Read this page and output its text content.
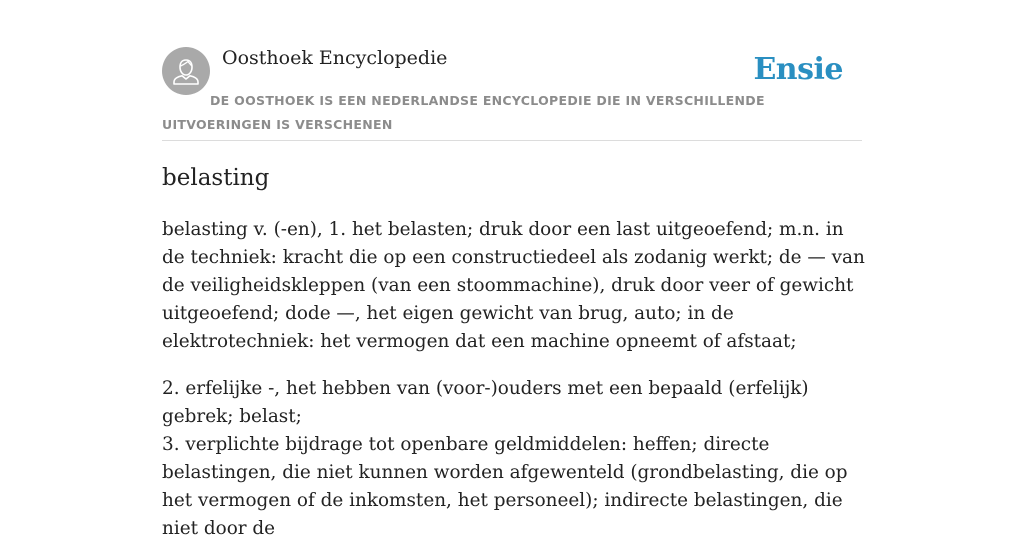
Oosthoek Encyclopedie	Ensie
DE OOSTHOEK IS EEN NEDERLANDSE ENCYCLOPEDIE DIE IN VERSCHILLENDE UITVOERINGEN IS VERSCHENEN
belasting

belasting v. (-en), 1. het belasten; druk door een last uitgeoefend; m.n. in de techniek: kracht die op een constructiedeel als zodanig werkt; de — van de veiligheidskleppen (van een stoommachine), druk door veer of gewicht uitgeoefend; dode —, het eigen gewicht van brug, auto; in de elektrotechniek: het vermogen dat een machine opneemt of afstaat;

2. erfelijke -, het hebben van (voor-)ouders met een bepaald (erfelijk) gebrek; belast;

3. verplichte bijdrage tot openbare geldmiddelen: heffen; directe belastingen, die niet kunnen worden afgewenteld (grondbelasting, die op het vermogen of de inkomsten, het personeel); indirecte belastingen, die niet door de
